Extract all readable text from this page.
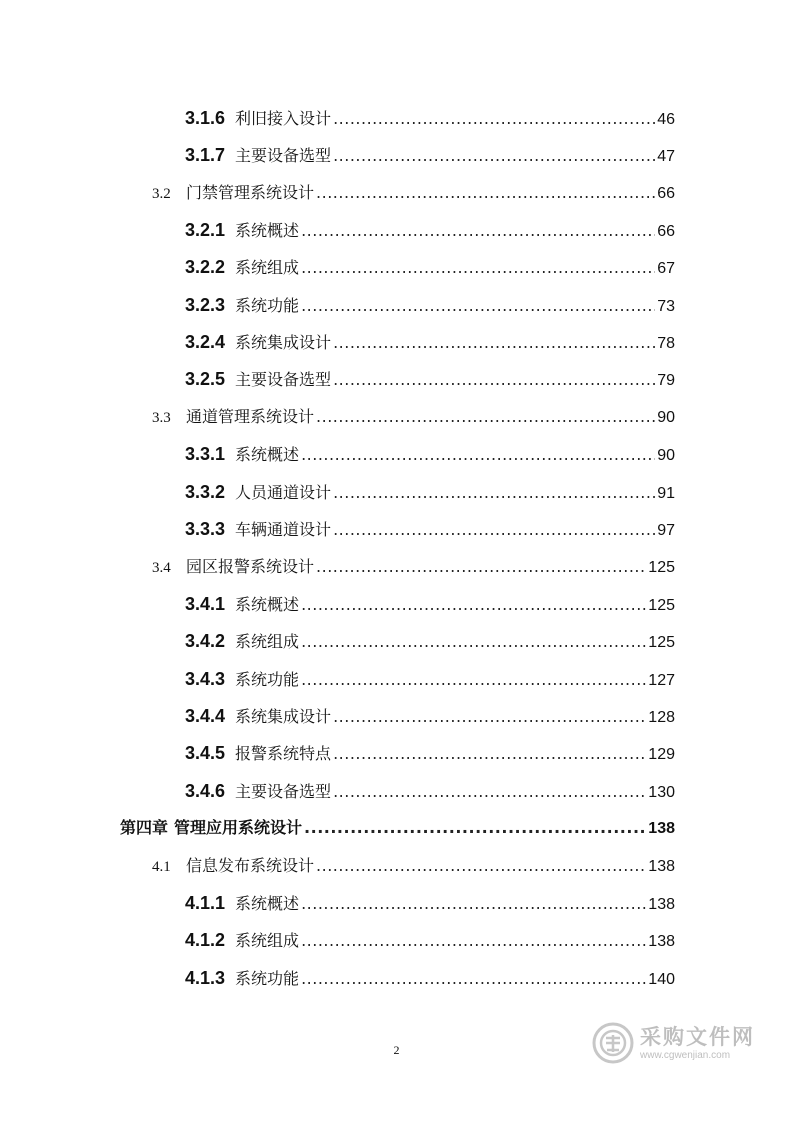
3.1.6 利旧接入设计 .....	46
3.1.7 主要设备选型 .....	47
3.2 门禁管理系统设计 .....	66
3.2.1 系统概述 .....	66
3.2.2 系统组成 .....	67
3.2.3 系统功能 .....	73
3.2.4 系统集成设计 .....	78
3.2.5 主要设备选型 .....	79
3.3 通道管理系统设计 .....	90
3.3.1 系统概述 .....	90
3.3.2 人员通道设计 .....	91
3.3.3 车辆通道设计 .....	97
3.4 园区报警系统设计 .....	125
3.4.1 系统概述 .....	125
3.4.2 系统组成 .....	125
3.4.3 系统功能 .....	127
3.4.4 系统集成设计 .....	128
3.4.5 报警系统特点 .....	129
3.4.6 主要设备选型 .....	130
第四章 管理应用系统设计 .....	138
4.1 信息发布系统设计 .....	138
4.1.1 系统概述 .....	138
4.1.2 系统组成 .....	138
4.1.3 系统功能 .....	140
2
采购文件网
www.cgwenjian.com
